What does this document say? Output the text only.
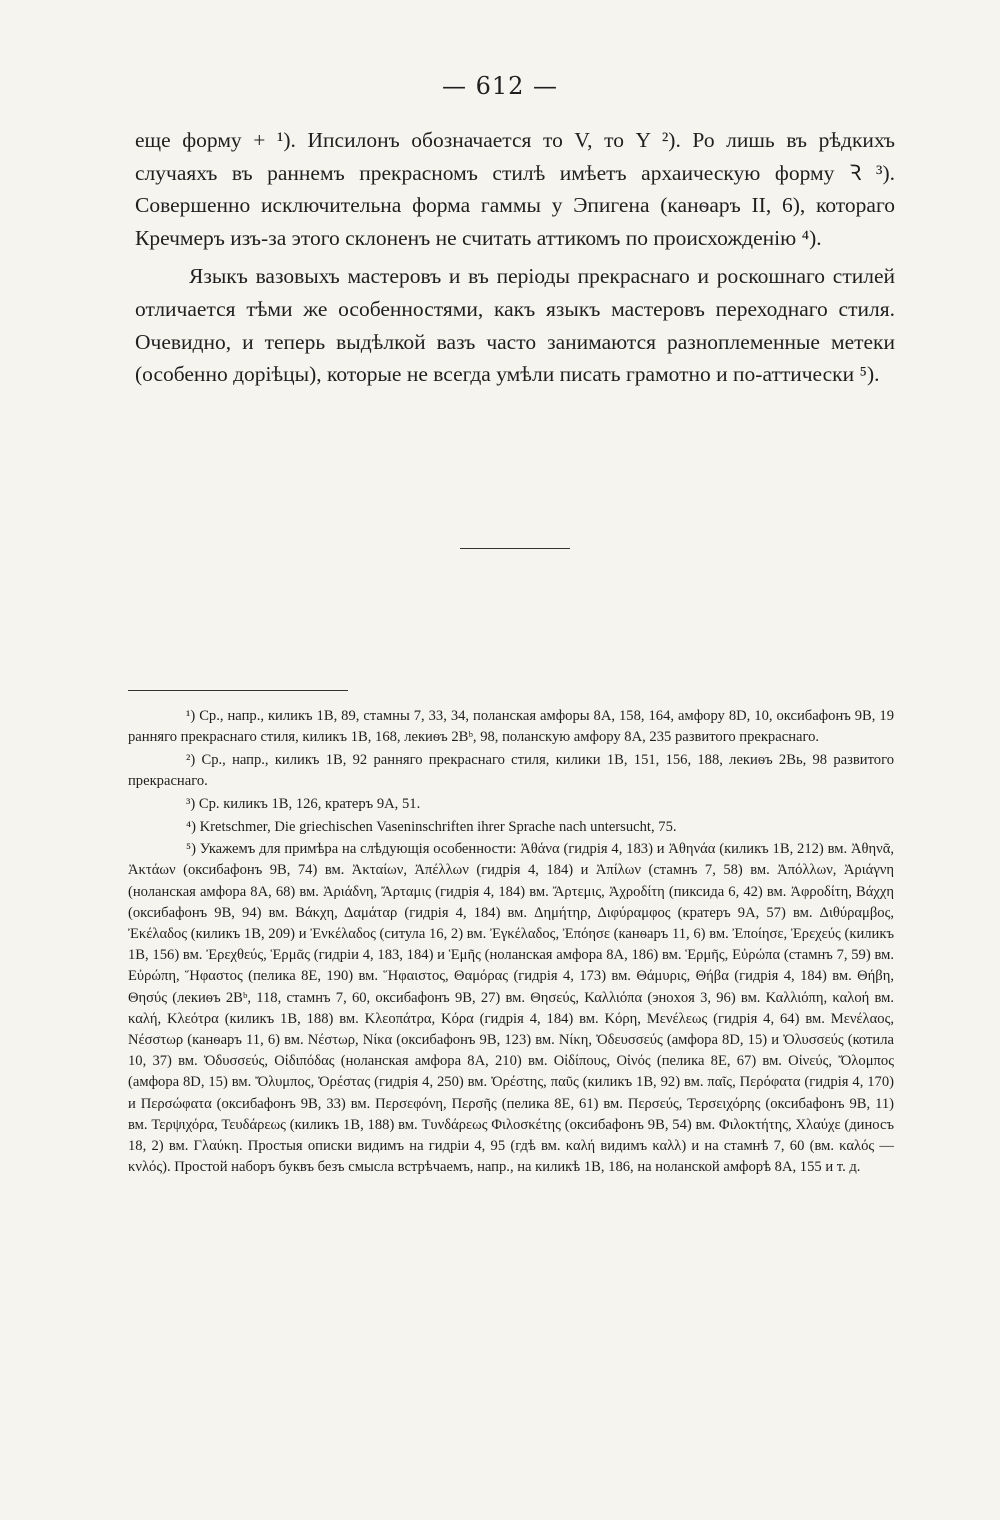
— 612 —

еще форму + ¹). Ипсилонъ обозначается то V, то Y ²). Ро лишь въ рѣдкихъ случаяхъ въ раннемъ прекрасномъ стилѣ имѣетъ архаическую форму Ꝛ ³). Совершенно исключительна форма гаммы у Эпигена (канѳаръ II, 6), котораго Кречмеръ изъ-за этого склоненъ не считать аттикомъ по происхожденію ⁴).

Языкъ вазовыхъ мастеровъ и въ періоды прекраснаго и роскошнаго стилей отличается тѣми же особенностями, какъ языкъ мастеровъ переходнаго стиля. Очевидно, и теперь выдѣлкой вазъ часто занимаются разноплеменные метеки (особенно доріѣцы), которые не всегда умѣли писать грамотно и по-аттически ⁵).

¹) Ср., напр., киликъ 1В, 89, стамны 7, 33, 34, поланская амфоры 8А, 158, 164, амфору 8D, 10, оксибафонъ 9В, 19 ранняго прекраснаго стиля, киликъ 1В, 168, лекиѳъ 2Bᵇ, 98, поланскую амфору 8А, 235 развитого прекраснаго.

²) Ср., напр., киликъ 1В, 92 ранняго прекраснаго стиля, килики 1В, 151, 156, 188, лекиѳъ 2Вь, 98 развитого прекраснаго.

³) Ср. киликъ 1В, 126, кратеръ 9А, 51.

⁴) Kretschmer, Die griechischen Vaseninschriften ihrer Sprache nach untersucht, 75.

⁵) Укажемъ для примѣра на слѣдующія особенности: Ἀθάνα (гидрія 4, 183) и Ἀθηνάα (киликъ 1В, 212) вм. Ἀθηνᾶ, Ἀκτάων (оксибафонъ 9В, 74) вм. Ἀκταίων, Ἀπέλλων (гидрія 4, 184) и Ἀπίλων (стамнъ 7, 58) вм. Ἀπόλλων, Ἀριάγνη (ноланская амфора 8А, 68) вм. Ἀριάδνη, Ἄρταμις (гидрія 4, 184) вм. Ἄρτεμις, Ἀχροδίτη (пиксида 6, 42) вм. Ἀφροδίτη, Βάχχη (оксибафонъ 9В, 94) вм. Βάκχη, Δαμάταρ (гидрія 4, 184) вм. Δημήτηρ, Διφύραμφος (кратеръ 9А, 57) вм. Διθύραμβος, Ἐκέλαδος (киликъ 1В, 209) и Ἐνκέλαδος (ситула 16, 2) вм. Ἐγκέλαδος, Ἐπόησε (канѳаръ 11, 6) вм. Ἐποίησε, Ἐρεχεύς (киликъ 1В, 156) вм. Ἐρεχθεύς, Ἑρμᾶς (гидріи 4, 183, 184) и Ἑμῆς (ноланская амфора 8А, 186) вм. Ἑρμῆς, Εὐρώπα (стамнъ 7, 59) вм. Εὐρώπη, Ἥφαστος (пелика 8E, 190) вм. Ἥφαιστος, Θαμόρας (гидрія 4, 173) вм. Θάμυρις, Θήβα (гидрія 4, 184) вм. Θήβη, Θησύς (лекиѳъ 2Bᵇ, 118, стамнъ 7, 60, оксибафонъ 9В, 27) вм. Θησεύς, Καλλιόπα (эноxoя 3, 96) вм. Καλλιόπη, καλοή вм. καλή, Κλεότρα (киликъ 1В, 188) вм. Κλεοπάτρα, Κόρα (гидрія 4, 184) вм. Κόρη, Μενέλεως (гидрія 4, 64) вм. Μενέλαος, Νέσστωρ (канѳаръ 11, 6) вм. Νέστωρ, Νίκα (оксибафонъ 9В, 123) вм. Νίκη, Ὀδευσσεύς (амфора 8D, 15) и Ὀλυσσεύς (котила 10, 37) вм. Ὀδυσσεύς, Οἰδιπόδας (ноланская амфора 8А, 210) вм. Οἰδίπους, Οἰνός (пелика 8E, 67) вм. Οἰνεύς, Ὄλομπος (амфора 8D, 15) вм. Ὄλυμπος, Ὀρέστας (гидрія 4, 250) вм. Ὀρέστης, παῦς (киликъ 1В, 92) вм. παῖς, Περόφατα (гидрія 4, 170) и Περσώφατα (оксибафонъ 9В, 33) вм. Περσεφόνη, Περσῆς (пелика 8E, 61) вм. Περσεύς, Τερσειχόρης (оксибафонъ 9В, 11) вм. Τερψιχόρα, Τευδάρεως (киликъ 1В, 188) вм. Τυνδάρεως Φιλοσκέτης (оксибафонъ 9В, 54) вм. Φιλοκτήτης, Χλαύχε (диносъ 18, 2) вм. Γλαύκη. Простыя описки видимъ на гидріи 4, 95 (гдѣ вм. καλή видимъ καλλ) и на стамнѣ 7, 60 (вм. καλός — κνλός). Простой наборъ буквъ безъ смысла встрѣчаемъ, напр., на киликѣ 1В, 186, на ноланской амфорѣ 8А, 155 и т. д.
